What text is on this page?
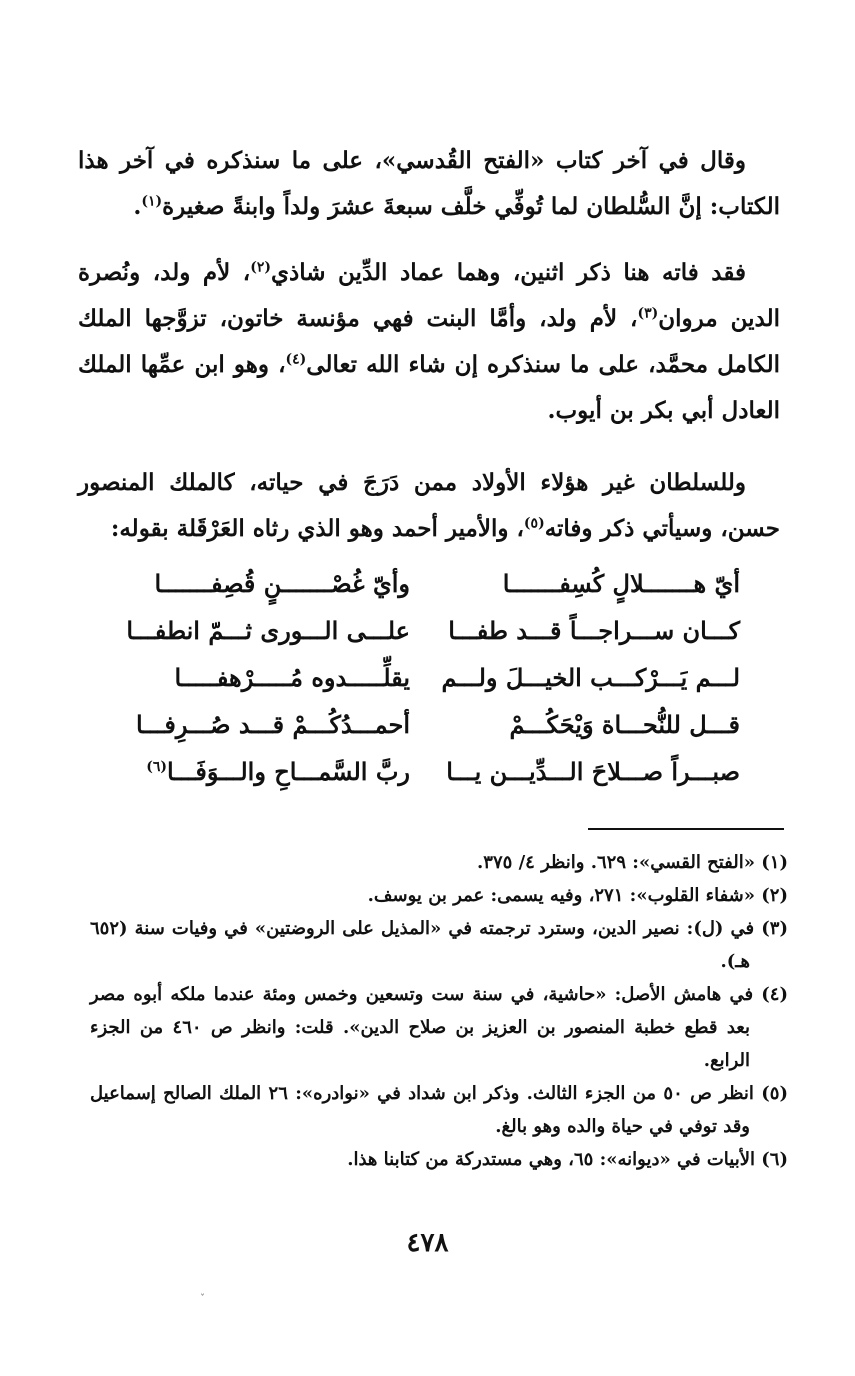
وقال في آخر كتاب «الفتح القُدسي»، على ما سنذكره في آخر هذا الكتاب: إنَّ السُّلطان لما تُوفِّي خلَّف سبعةَ عشرَ ولداً وابنةً صغيرة$^{(١)}$.

فقد فاته هنا ذكر اثنين، وهما عماد الدِّين شاذي$^{(٢)}$، لأم ولد، ونُصرة الدين مروان$^{(٣)}$، لأم ولد، وأمَّا البنت فهي مؤنسة خاتون، تزوَّجها الملك الكامل محمَّد، على ما سنذكره إن شاء الله تعالى$^{(٤)}$، وهو ابن عمِّها الملك العادل أبي بكر بن أيوب.

وللسلطان غير هؤلاء الأولاد ممن دَرَجَ في حياته، كالملك المنصور حسن، وسيأتي ذكر وفاته$^{(٥)}$، والأمير أحمد وهو الذي رثاه العَرْقَلة بقوله:

أيّ هـــــــلالٍ كُسِفـــــــا
وأيّ غُصْـــــــنٍ قُصِفـــــــا
كـــان ســـراجـــاً قـــد طفـــا
علـــى الـــورى ثـــمّ انطفـــا
لـــم يَـــرْكـــب الخيـــلَ ولـــم
يقلِّـــــدوه مُـــــرْهفـــــا
قـــل للنُّحـــاة وَيْحَكُـــمْ
أحمـــدُكُـــمْ قـــد صُـــرِفـــا
صبـــراً صـــلاحَ الـــدِّيـــن يـــا
ربَّ السَّمـــاحِ والـــوَفَـــا$^{(٦)}$

(١) «الفتح القسي»: ٦٢٩. وانظر ٤/ ٣٧٥.

(٢) «شفاء القلوب»: ٢٧١، وفيه يسمى: عمر بن يوسف.

(٣) في (ل): نصير الدين، وسترد ترجمته في «المذيل على الروضتين» في وفيات سنة (٦٥٢ هـ).

(٤) في هامش الأصل: «حاشية، في سنة ست وتسعين وخمس ومئة عندما ملكه أبوه مصر بعد قطع خطبة المنصور بن العزيز بن صلاح الدين». قلت: وانظر ص ٤٦٠ من الجزء الرابع.

(٥) انظر ص ٥٠ من الجزء الثالث. وذكر ابن شداد في «نوادره»: ٢٦ الملك الصالح إسماعيل وقد توفي في حياة والده وهو بالغ.

(٦) الأبيات في «ديوانه»: ٦٥، وهي مستدركة من كتابنا هذا.

٤٧٨
ˇ
